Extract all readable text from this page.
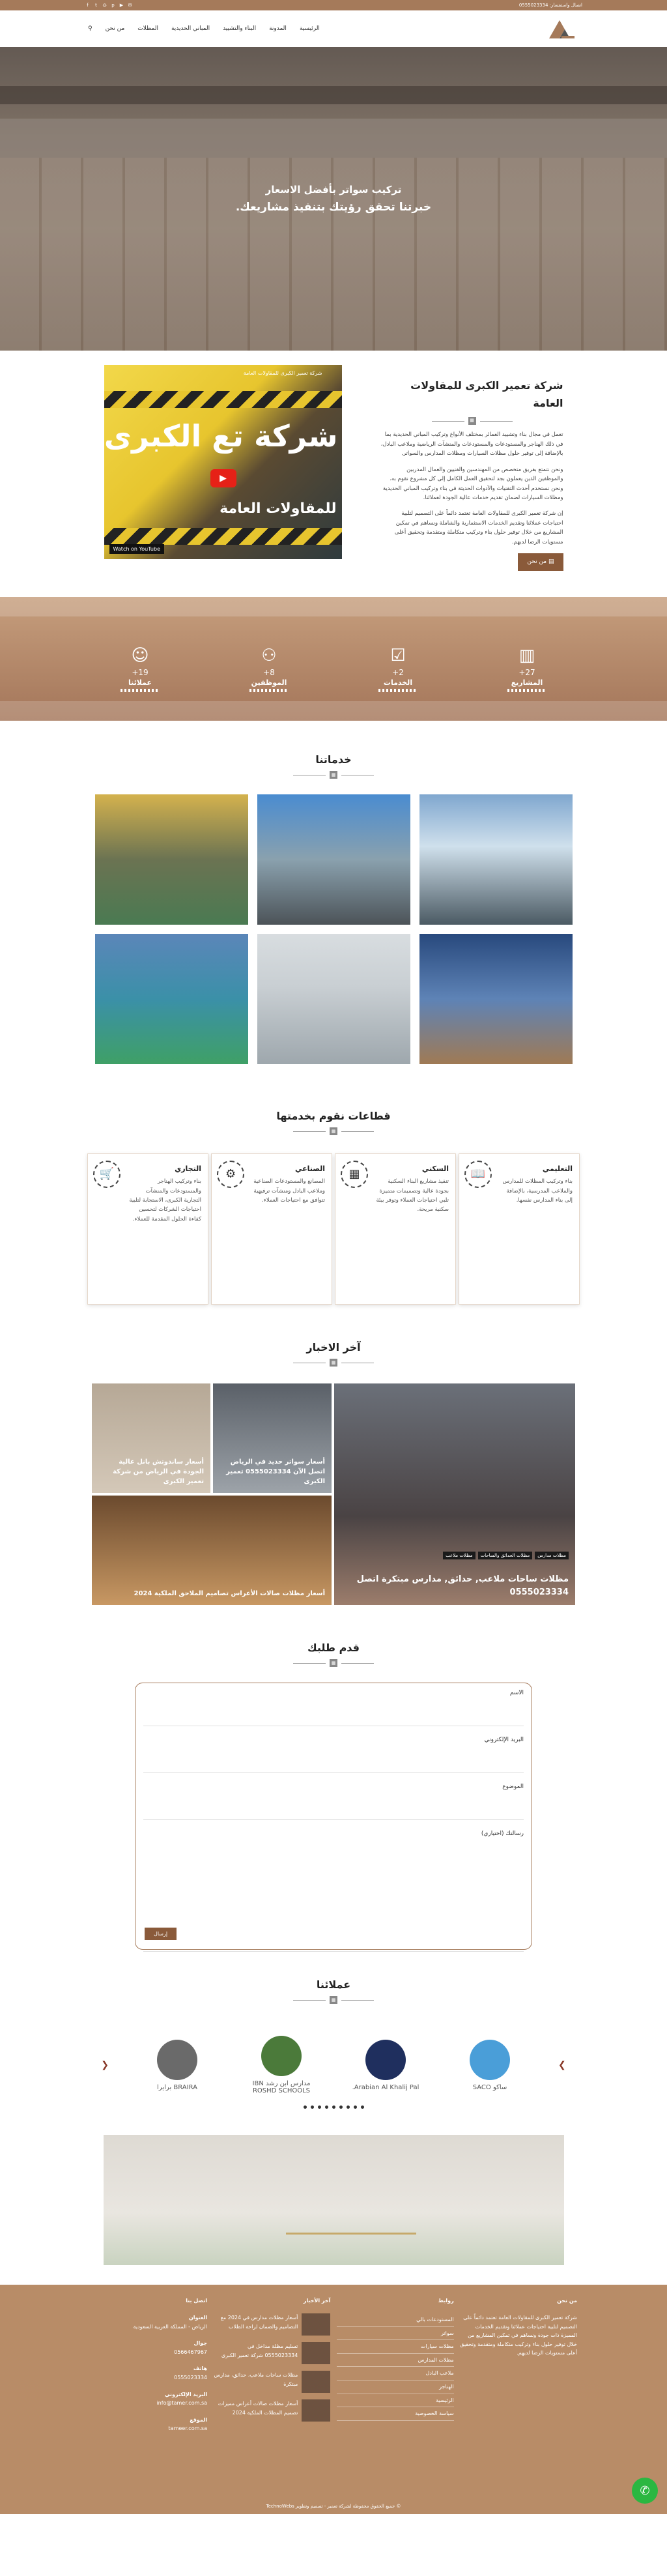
f	t	◎	p	▶ ✉	اتصال واستفسار: 0555023334
الرئيسية
المدونة
البناء والتشييد
المباني الحديدية
المظلات
من نحن
⚲
تركيب سواتر بأفضل الاسعار
خبرتنا تحقق رؤيتك بتنفيذ مشاريعك.
شركة تعمير الكبرى للمقاولات العامة
▦

تعمل في مجال بناء وتشييد العمائر بمختلف الأنواع وتركيب المباني الحديدية بما في ذلك الهناجر والمستودعات والمستودعات والمنشآت الرياضية وملاعب البادل، بالإضافة إلى توفير حلول مظلات السيارات ومظلات المدارس والسواتر.

ونحن نتمتع بفريق متخصص من المهندسين والفنيين والعمال المدربين والموظفين الذين يعملون بجد لتحقيق العمل الكامل إلى كل مشروع نقوم به. ونحن نستخدم أحدث التقنيات والأدوات الحديثة في بناء وتركيب المباني الحديدية ومظلات السيارات لضمان تقديم خدمات عالية الجودة لعملائنا.

إن شركة تعمير الكبرى للمقاولات العامة تعتمد دائماً على التصميم لتلبية احتياجات عملائنا وتقديم الخدمات الاستثمارية والشاملة ونساهم في تمكين المشاريع من خلال توفير حلول بناء وتركيب متكاملة ومتقدمة وتحقيق أعلى مستويات الرضا لديهم.

▤ من نحن
شركة تعمير الكبرى للمقاولات العامة
شركة تع الكبرى
للمقاولات العامة
▶
Watch on YouTube
▥
27+
المشاريع
☑
2+
الخدمات
⚇
8+
الموظفين
☺
19+
عملائنا
خدماتنا
▦
قطاعات نقوم بخدمتها
▦
📖	التعليمي

بناء وتركيب المظلات للمدارس والملاعب المدرسية، بالإضافة إلى بناء المدارس نفسها.

▦	السكني

تنفيذ مشاريع البناء السكنية بجودة عالية وتصميمات متميزة تلبي احتياجات العملاء وتوفر بيئة سكنية مريحة.

⚙	الصناعي

المصانع والمستودعات الصناعية وملاعب البادل ومنشآت ترفيهية تتوافق مع احتياجات العملاء.

🛒	التجاري

بناء وتركيب الهناجر والمستودعات والمنشآت التجارية الكبرى، الاستجابة لتلبية احتياجات الشركات لتحسين كفاءة الحلول المقدمة للعملاء.

آخر الاخبار
▦
مظلات مدارس
مظلات الحدائق والساحات
مظلات ملاعب
مظلات ساحات ملاعب, حدائق, مدارس مبتكرة اتصل 0555023334
أسعار سواتر حديد في الرياض اتصل الآن 0555023334 تعمير الكبرى
أسعار ساندوتش بانل عالية الجودة في الرياض من شركة تعمير الكبرى
أسعار مظلات صالات الأعراس تصاميم الملاحق الملكية 2024
قدم طلبك
▦
الاسم
البريد الإلكتروني
الموضوع
رسالتك (اختياري)
إرسال
عملائنا
▦
❯
ساكو SACO
Arabian Al Khalij Pal.
مدارس ابن رشد IBN ROSHD SCHOOLS
BRAIRA برايرا
❮
من نحن

شركة تعمير الكبرى للمقاولات العامة تعتمد دائماً على التصميم لتلبية احتياجات عملائنا وتقديم الخدمات المميزة ذات جودة ونساهم في تمكين المشاريع من خلال توفير حلول بناء وتركيب متكاملة ومتقدمة وتحقيق أعلى مستويات الرضا لديهم.

روابط
المستودعات بالي
سواتر
مظلات سيارات
مظلات المدارس
ملاعب البادل
الهناجر
الرئيسية
سياسة الخصوصية
آخر الأخبار
أسعار مظلات مدارس في 2024 مع التصاميم والضمان لراحة الطلاب
تسليم مظلة مداخل في 0555023334 شركة تعمير الكبرى
مظلات ساحات ملاعب، حدائق، مدارس مبتكرة
أسعار مظلات صالات أعراس مميزات تصميم المظلات الملكية 2024
اتصل بنا
العنوان
الرياض - المملكة العربية السعودية
جوال
0566467967
هاتف
0555023334
البريد الإلكتروني
info@tamer.com.sa
الموقع
tameer.com.sa
© جميع الحقوق محفوظة لشركة تعمير - تصميم وتطوير TechnoWebs
✆
